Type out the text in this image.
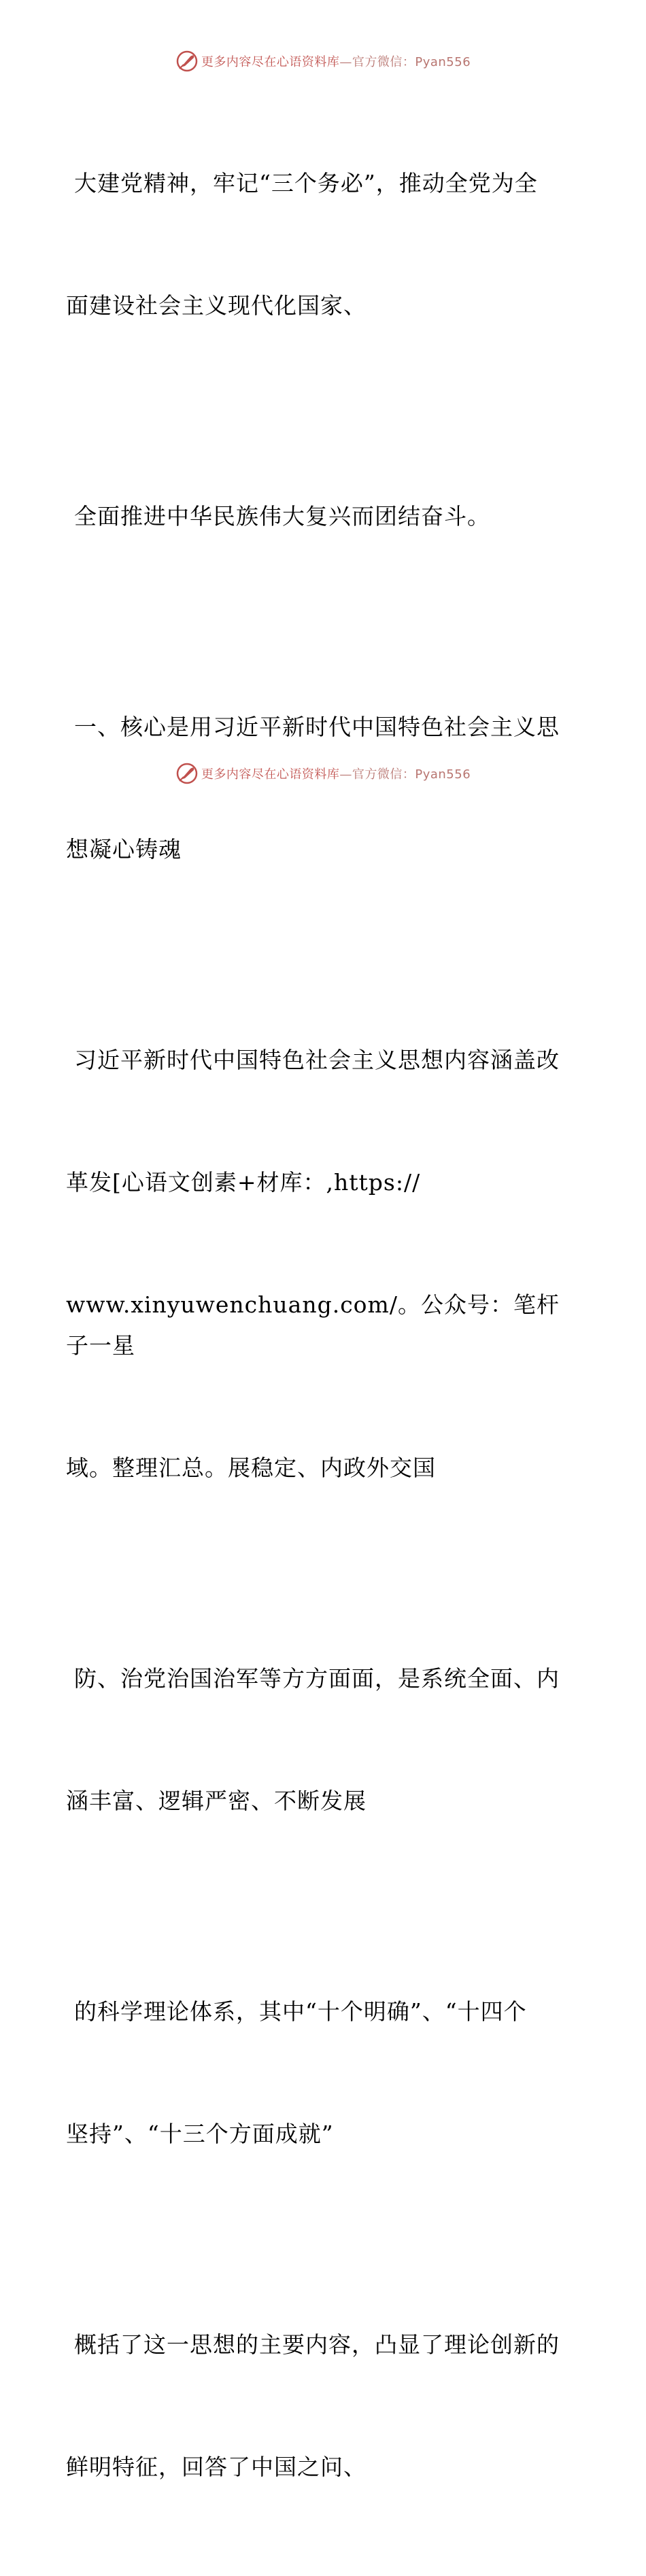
更多内容尽在心语资料库—官方微信：Pyan556

大建党精神，牢记“三个务必”，推动全党为全

面建设社会主义现代化国家、

全面推进中华民族伟大复兴而团结奋斗。

一、核心是用习近平新时代中国特色社会主义思

想凝心铸魂

习近平新时代中国特色社会主义思想内容涵盖改

革发[心语文创素+材库：,https://

www.xinyuwenchuang.com/。公众号：笔杆子一星

域。整理汇总。展稳定、内政外交国

防、治党治国治军等方方面面，是系统全面、内

涵丰富、逻辑严密、不断发展

的科学理论体系，其中“十个明确”、“十四个

坚持”、“十三个方面成就”

概括了这一思想的主要内容，凸显了理论创新的

鲜明特征，回答了中国之问、

更多内容尽在心语资料库—官方微信：Pyan556
